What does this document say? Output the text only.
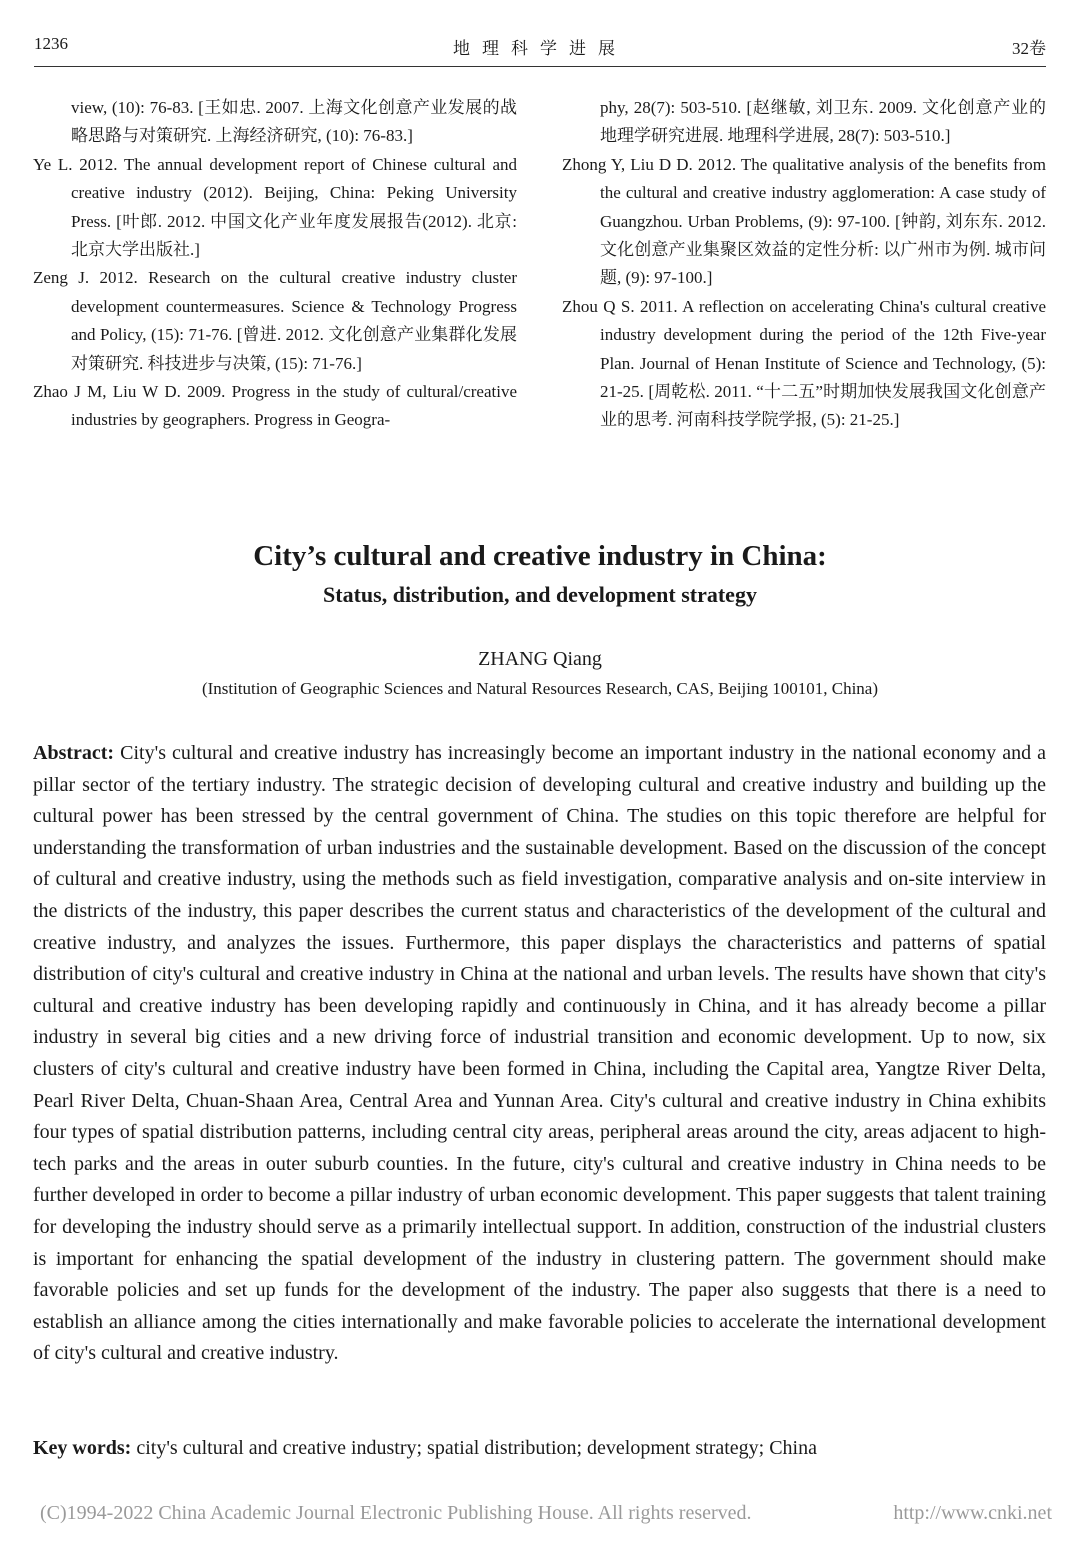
1236	地理科学进展	32卷

view, (10): 76-83. [王如忠. 2007. 上海文化创意产业发展的战略思路与对策研究. 上海经济研究, (10): 76-83.]

Ye L. 2012. The annual development report of Chinese cultural and creative industry (2012). Beijing, China: Peking University Press. [叶郎. 2012. 中国文化产业年度发展报告(2012). 北京: 北京大学出版社.]

Zeng J. 2012. Research on the cultural creative industry cluster development countermeasures. Science & Technology Progress and Policy, (15): 71-76. [曾进. 2012. 文化创意产业集群化发展对策研究. 科技进步与决策, (15): 71-76.]

Zhao J M, Liu W D. 2009. Progress in the study of cultural/creative industries by geographers. Progress in Geogra-

phy, 28(7): 503-510. [赵继敏, 刘卫东. 2009. 文化创意产业的地理学研究进展. 地理科学进展, 28(7): 503-510.]

Zhong Y, Liu D D. 2012. The qualitative analysis of the benefits from the cultural and creative industry agglomeration: A case study of Guangzhou. Urban Problems, (9): 97-100. [钟韵, 刘东东. 2012. 文化创意产业集聚区效益的定性分析: 以广州市为例. 城市问题, (9): 97-100.]

Zhou Q S. 2011. A reflection on accelerating China's cultural creative industry development during the period of the 12th Five-year Plan. Journal of Henan Institute of Science and Technology, (5): 21-25. [周乾松. 2011. “十二五”时期加快发展我国文化创意产业的思考. 河南科技学院学报, (5): 21-25.]

City’s cultural and creative industry in China:
Status, distribution, and development strategy
ZHANG Qiang
(Institution of Geographic Sciences and Natural Resources Research, CAS, Beijing 100101, China)

Abstract: City's cultural and creative industry has increasingly become an important industry in the national economy and a pillar sector of the tertiary industry. The strategic decision of developing cultural and creative industry and building up the cultural power has been stressed by the central government of China. The studies on this topic therefore are helpful for understanding the transformation of urban industries and the sustainable development. Based on the discussion of the concept of cultural and creative industry, using the methods such as field investigation, comparative analysis and on-site interview in the districts of the industry, this paper describes the current status and characteristics of the development of the cultural and creative industry, and analyzes the issues. Furthermore, this paper displays the characteristics and patterns of spatial distribution of city's cultural and creative industry in China at the national and urban levels. The results have shown that city's cultural and creative industry has been developing rapidly and continuously in China, and it has already become a pillar industry in several big cities and a new driving force of industrial transition and economic development. Up to now, six clusters of city's cultural and creative industry have been formed in China, including the Capital area, Yangtze River Delta, Pearl River Delta, Chuan-Shaan Area, Central Area and Yunnan Area. City's cultural and creative industry in China exhibits four types of spatial distribution patterns, including central city areas, peripheral areas around the city, areas adjacent to high-tech parks and the areas in outer suburb counties. In the future, city's cultural and creative industry in China needs to be further developed in order to become a pillar industry of urban economic development. This paper suggests that talent training for developing the industry should serve as a primarily intellectual support. In addition, construction of the industrial clusters is important for enhancing the spatial development of the industry in clustering pattern. The government should make favorable policies and set up funds for the development of the industry. The paper also suggests that there is a need to establish an alliance among the cities internationally and make favorable policies to accelerate the international development of city's cultural and creative industry.

Key words: city's cultural and creative industry; spatial distribution; development strategy; China

(C)1994-2022 China Academic Journal Electronic Publishing House. All rights reserved.	http://www.cnki.net
